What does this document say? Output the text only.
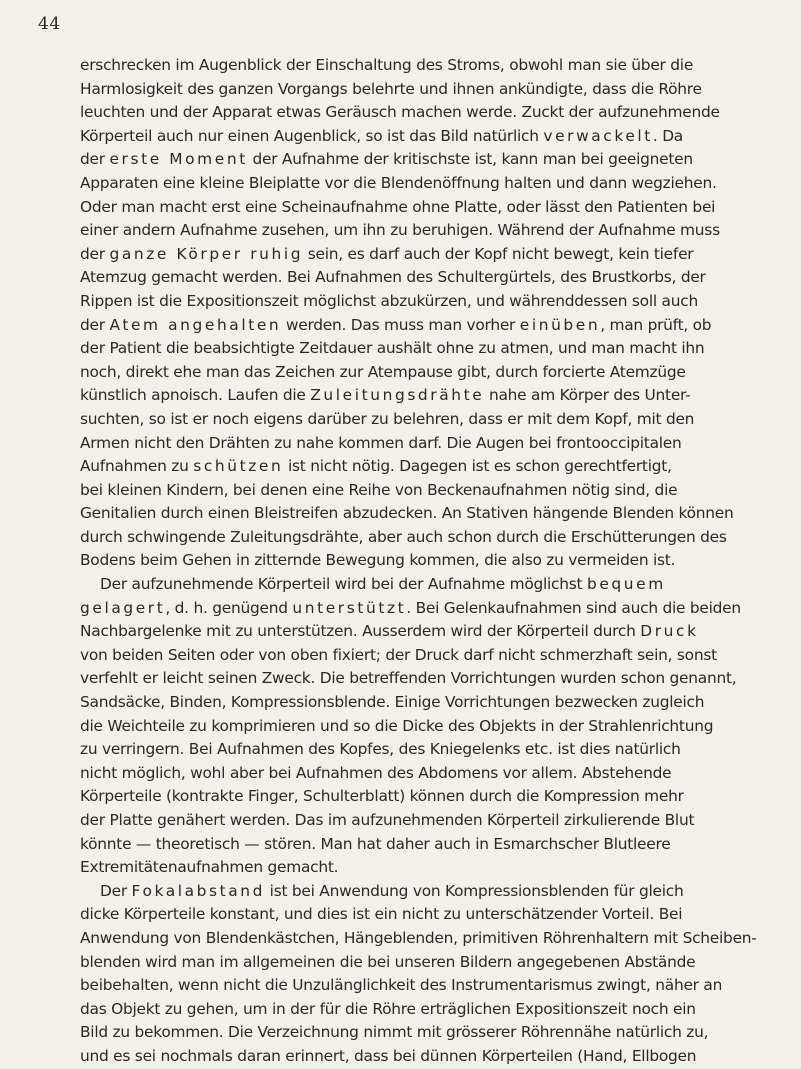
44
erschrecken im Augenblick der Einschaltung des Stroms, obwohl man sie über die
Harmlosigkeit des ganzen Vorgangs belehrte und ihnen ankündigte, dass die Röhre
leuchten und der Apparat etwas Geräusch machen werde. Zuckt der aufzunehmende
Körperteil auch nur einen Augenblick, so ist das Bild natürlich verwackelt. Da
der erste Moment der Aufnahme der kritischste ist, kann man bei geeigneten
Apparaten eine kleine Bleiplatte vor die Blendenöffnung halten und dann wegziehen.
Oder man macht erst eine Scheinaufnahme ohne Platte, oder lässt den Patienten bei
einer andern Aufnahme zusehen, um ihn zu beruhigen. Während der Aufnahme muss
der ganze Körper ruhig sein, es darf auch der Kopf nicht bewegt, kein tiefer
Atemzug gemacht werden. Bei Aufnahmen des Schultergürtels, des Brustkorbs, der
Rippen ist die Expositionszeit möglichst abzukürzen, und währenddessen soll auch
der Atem angehalten werden. Das muss man vorher einüben, man prüft, ob
der Patient die beabsichtigte Zeitdauer aushält ohne zu atmen, und man macht ihn
noch, direkt ehe man das Zeichen zur Atempause gibt, durch forcierte Atemzüge
künstlich apnoisch. Laufen die Zuleitungsdrähte nahe am Körper des Unter-
suchten, so ist er noch eigens darüber zu belehren, dass er mit dem Kopf, mit den
Armen nicht den Drähten zu nahe kommen darf. Die Augen bei frontooccipitalen
Aufnahmen zu schützen ist nicht nötig. Dagegen ist es schon gerechtfertigt,
bei kleinen Kindern, bei denen eine Reihe von Beckenaufnahmen nötig sind, die
Genitalien durch einen Bleistreifen abzudecken. An Stativen hängende Blenden können
durch schwingende Zuleitungsdrähte, aber auch schon durch die Erschütterungen des
Bodens beim Gehen in zitternde Bewegung kommen, die also zu vermeiden ist.
Der aufzunehmende Körperteil wird bei der Aufnahme möglichst bequem
gelagert, d. h. genügend unterstützt. Bei Gelenkaufnahmen sind auch die beiden
Nachbargelenke mit zu unterstützen. Ausserdem wird der Körperteil durch Druck
von beiden Seiten oder von oben fixiert; der Druck darf nicht schmerzhaft sein, sonst
verfehlt er leicht seinen Zweck. Die betreffenden Vorrichtungen wurden schon genannt,
Sandsäcke, Binden, Kompressionsblende. Einige Vorrichtungen bezwecken zugleich
die Weichteile zu komprimieren und so die Dicke des Objekts in der Strahlenrichtung
zu verringern. Bei Aufnahmen des Kopfes, des Kniegelenks etc. ist dies natürlich
nicht möglich, wohl aber bei Aufnahmen des Abdomens vor allem. Abstehende
Körperteile (kontrakte Finger, Schulterblatt) können durch die Kompression mehr
der Platte genähert werden. Das im aufzunehmenden Körperteil zirkulierende Blut
könnte — theoretisch — stören. Man hat daher auch in Esmarchscher Blutleere
Extremitätenaufnahmen gemacht.
Der Fokalabstand ist bei Anwendung von Kompressionsblenden für gleich
dicke Körperteile konstant, und dies ist ein nicht zu unterschätzender Vorteil. Bei
Anwendung von Blendenkästchen, Hängeblenden, primitiven Röhrenhaltern mit Scheiben-
blenden wird man im allgemeinen die bei unseren Bildern angegebenen Abstände
beibehalten, wenn nicht die Unzulänglichkeit des Instrumentarismus zwingt, näher an
das Objekt zu gehen, um in der für die Röhre erträglichen Expositionszeit noch ein
Bild zu bekommen. Die Verzeichnung nimmt mit grösserer Röhrennähe natürlich zu,
und es sei nochmals daran erinnert, dass bei dünnen Körperteilen (Hand, Ellbogen
